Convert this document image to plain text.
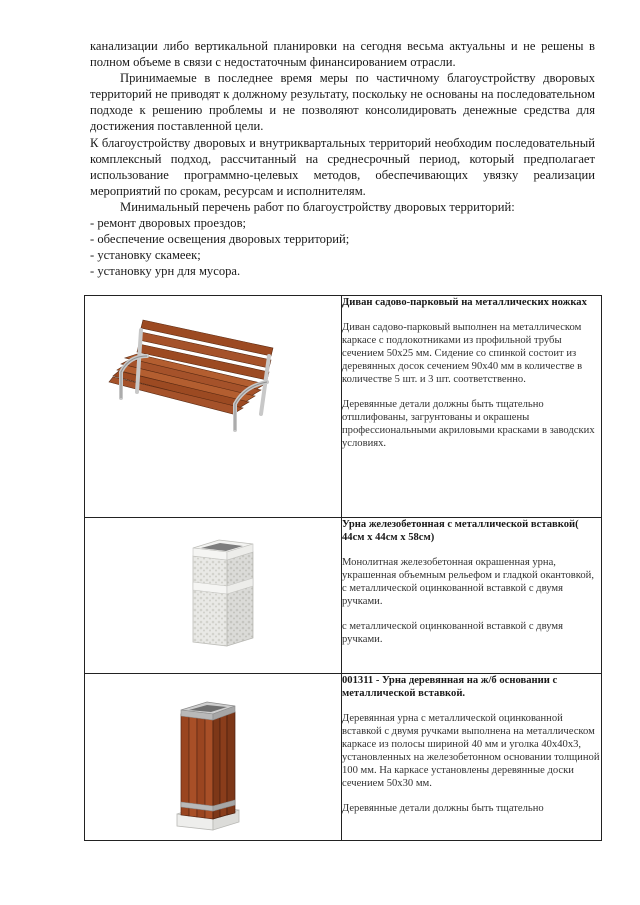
канализации либо вертикальной планировки на сегодня весьма актуальны и не решены в полном объеме в связи с недостаточным финансированием отрасли.

Принимаемые в последнее время меры по частичному благоустройству дворовых территорий не приводят к должному результату, поскольку не основаны на последовательном подходе к решению проблемы и не позволяют консолидировать денежные средства для достижения поставленной цели.

К благоустройству дворовых и внутриквартальных территорий необходим последовательный комплексный подход, рассчитанный на среднесрочный период, который предполагает использование программно-целевых методов, обеспечивающих увязку реализации мероприятий по срокам, ресурсам и исполнителям.

Минимальный перечень работ по благоустройству дворовых территорий:

- ремонт дворовых проездов;

- обеспечение освещения дворовых территорий;

- установку скамеек;

- установку урн для мусора.

Диван садово-парковый на металлических ножках

Диван садово-парковый выполнен на металлическом каркасе с подлокотниками из профильной трубы сечением 50х25 мм. Сидение со спинкой состоит из деревянных досок сечением 90х40 мм в количестве в количестве 5 шт. и 3 шт. соответственно.

Деревянные детали должны быть тщательно отшлифованы, загрунтованы и окрашены профессиональными акриловыми красками в заводских условиях.

Урна железобетонная с металлической вставкой( 44см х 44см х 58см)

Монолитная железобетонная окрашенная урна, украшенная объемным рельефом и гладкой окантовкой, с металлической оцинкованной вставкой с двумя ручками.

с металлической оцинкованной вставкой с двумя ручками.

001311 - Урна деревянная на ж/б основании с металлической вставкой.

Деревянная урна с металлической оцинкованной вставкой с двумя ручками выполнена на металлическом каркасе из полосы шириной 40 мм и уголка 40х40х3, установленных на железобетонном основании толщиной 100 мм. На каркасе установлены деревянные доски сечением 50х30 мм.

Деревянные детали должны быть тщательно
